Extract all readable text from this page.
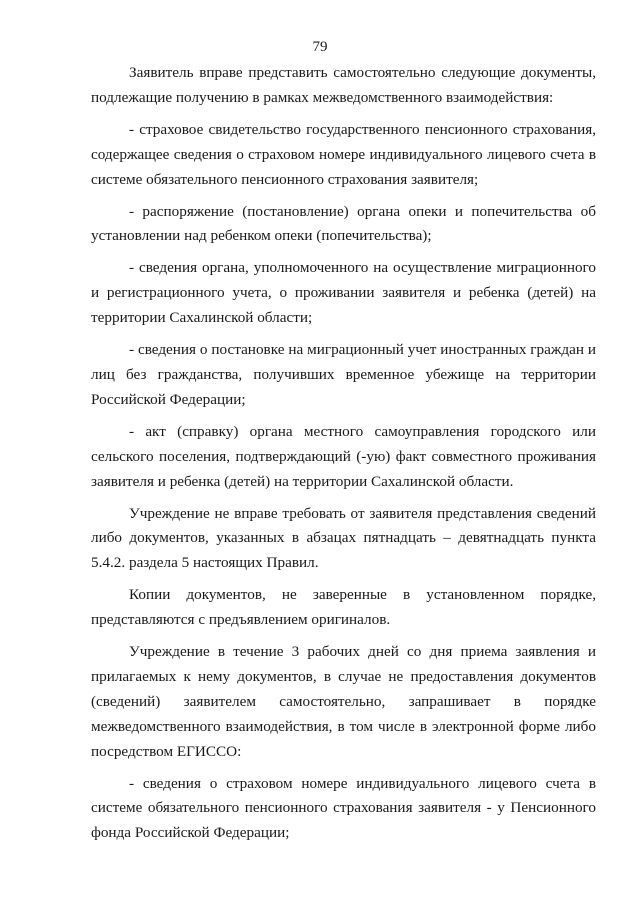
79

Заявитель вправе представить самостоятельно следующие документы, подлежащие получению в рамках межведомственного взаимодействия:

- страховое свидетельство государственного пенсионного страхования, содержащее сведения о страховом номере индивидуального лицевого счета в системе обязательного пенсионного страхования заявителя;

- распоряжение (постановление) органа опеки и попечительства об установлении над ребенком опеки (попечительства);

- сведения органа, уполномоченного на осуществление миграционного и регистрационного учета, о проживании заявителя и ребенка (детей) на территории Сахалинской области;

- сведения о постановке на миграционный учет иностранных граждан и лиц без гражданства, получивших временное убежище на территории Российской Федерации;

- акт (справку) органа местного самоуправления городского или сельского поселения, подтверждающий (-ую) факт совместного проживания заявителя и ребенка (детей) на территории Сахалинской области.

Учреждение не вправе требовать от заявителя представления сведений либо документов, указанных в абзацах пятнадцать – девятнадцать пункта 5.4.2. раздела 5 настоящих Правил.

Копии документов, не заверенные в установленном порядке, представляются с предъявлением оригиналов.

Учреждение в течение 3 рабочих дней со дня приема заявления и прилагаемых к нему документов, в случае не предоставления документов (сведений) заявителем самостоятельно, запрашивает в порядке межведомственного взаимодействия, в том числе в электронной форме либо посредством ЕГИССО:

- сведения о страховом номере индивидуального лицевого счета в системе обязательного пенсионного страхования заявителя - у Пенсионного фонда Российской Федерации;
